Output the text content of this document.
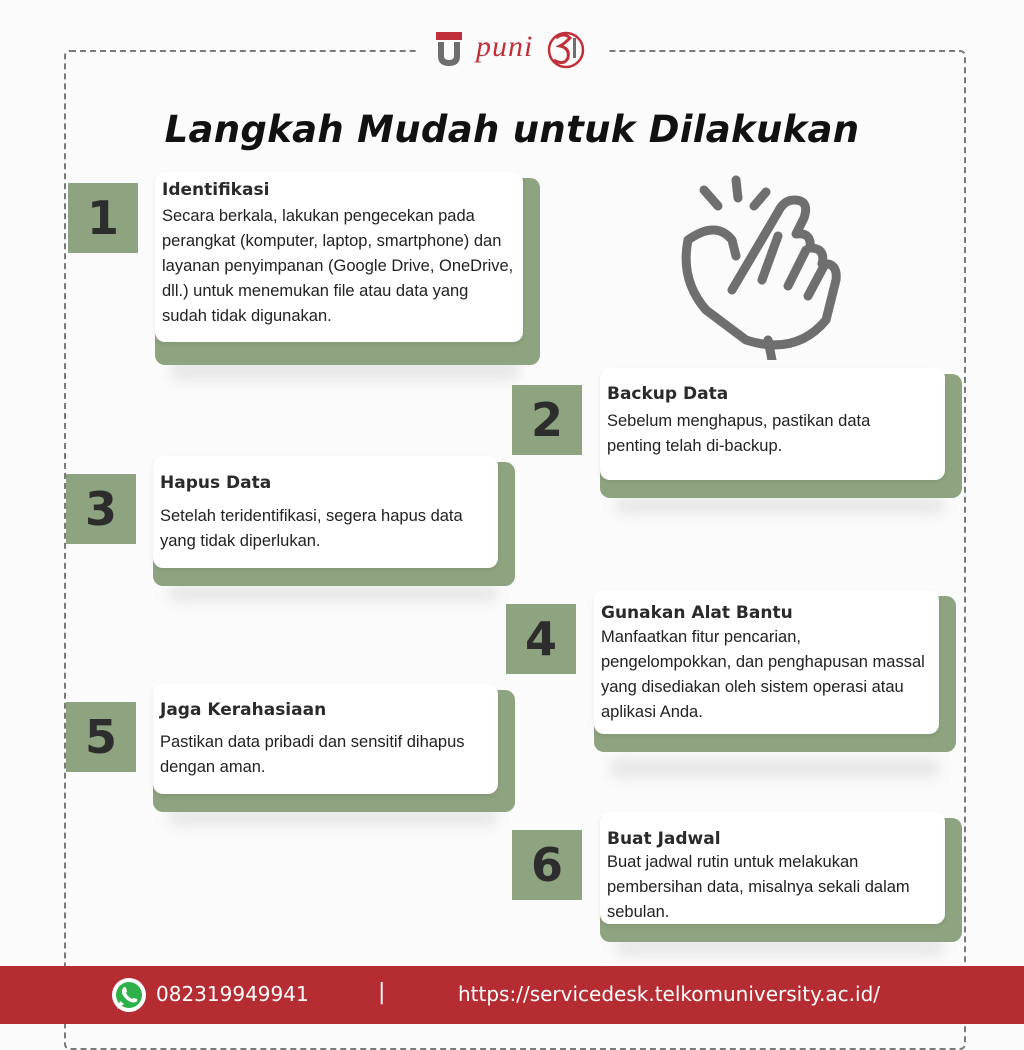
puni
Langkah Mudah untuk Dilakukan
1
Identifikasi
Secara berkala, lakukan pengecekan pada perangkat (komputer, laptop, smartphone) dan layanan penyimpanan (Google Drive, OneDrive, dll.) untuk menemukan file atau data yang sudah tidak digunakan.
2	Backup Data
Sebelum menghapus, pastikan data penting telah di-backup.
3	Hapus Data
Setelah teridentifikasi, segera hapus data yang tidak diperlukan.
4	Gunakan Alat Bantu
Manfaatkan fitur pencarian, pengelompokkan, dan penghapusan massal yang disediakan oleh sistem operasi atau aplikasi Anda.
5	Jaga Kerahasiaan
Pastikan data pribadi dan sensitif dihapus dengan aman.
6	Buat Jadwal
Buat jadwal rutin untuk melakukan pembersihan data, misalnya sekali dalam sebulan.
082319949941	|	https://servicedesk.telkomuniversity.ac.id/
